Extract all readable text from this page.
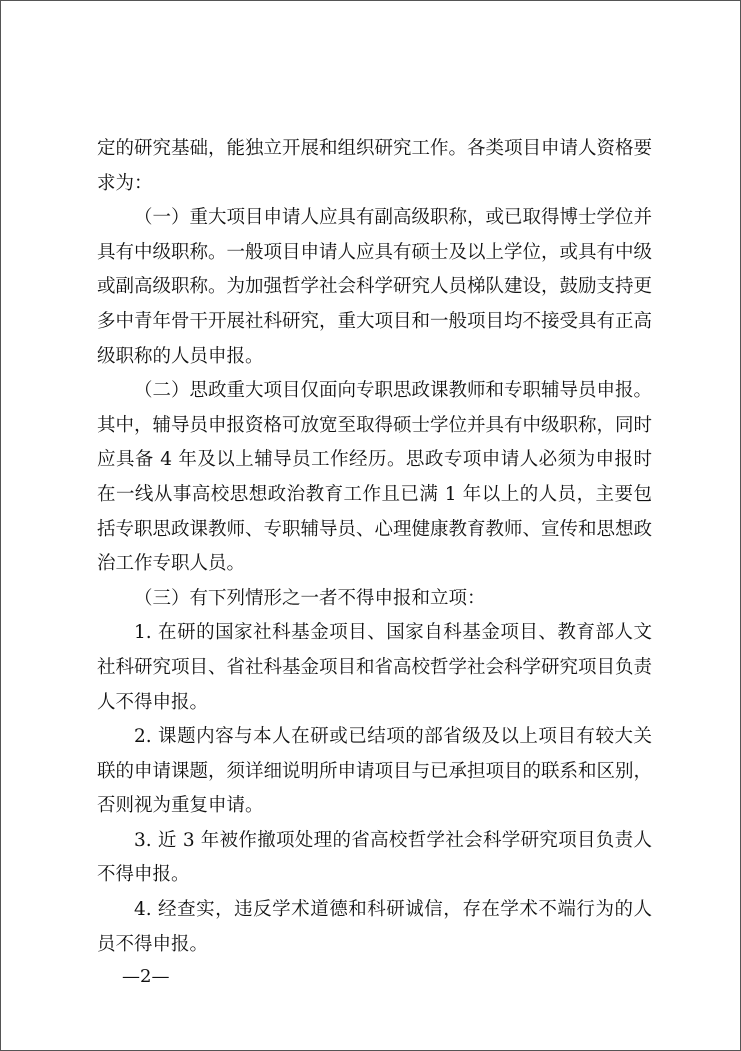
定的研究基础，能独立开展和组织研究工作。各类项目申请人资格要求为：

（一）重大项目申请人应具有副高级职称，或已取得博士学位并具有中级职称。一般项目申请人应具有硕士及以上学位，或具有中级或副高级职称。为加强哲学社会科学研究人员梯队建设，鼓励支持更多中青年骨干开展社科研究，重大项目和一般项目均不接受具有正高级职称的人员申报。

（二）思政重大项目仅面向专职思政课教师和专职辅导员申报。其中，辅导员申报资格可放宽至取得硕士学位并具有中级职称，同时应具备 4 年及以上辅导员工作经历。思政专项申请人必须为申报时在一线从事高校思想政治教育工作且已满 1 年以上的人员，主要包括专职思政课教师、专职辅导员、心理健康教育教师、宣传和思想政治工作专职人员。

（三）有下列情形之一者不得申报和立项：

1. 在研的国家社科基金项目、国家自科基金项目、教育部人文社科研究项目、省社科基金项目和省高校哲学社会科学研究项目负责人不得申报。

2. 课题内容与本人在研或已结项的部省级及以上项目有较大关联的申请课题，须详细说明所申请项目与已承担项目的联系和区别，否则视为重复申请。

3. 近 3 年被作撤项处理的省高校哲学社会科学研究项目负责人不得申报。

4. 经查实，违反学术道德和科研诚信，存在学术不端行为的人员不得申报。

—2—
